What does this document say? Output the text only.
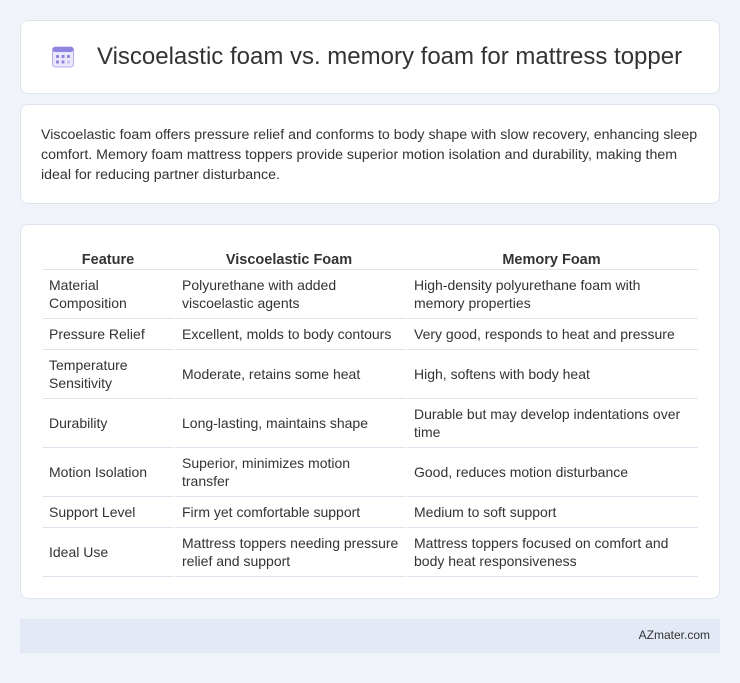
Viscoelastic foam vs. memory foam for mattress topper

Viscoelastic foam offers pressure relief and conforms to body shape with slow recovery, enhancing sleep comfort. Memory foam mattress toppers provide superior motion isolation and durability, making them ideal for reducing partner disturbance.

Feature	Viscoelastic Foam	Memory Foam
Material Composition	Polyurethane with added viscoelastic agents	High-density polyurethane foam with memory properties
Pressure Relief	Excellent, molds to body contours	Very good, responds to heat and pressure
Temperature Sensitivity	Moderate, retains some heat	High, softens with body heat
Durability	Long-lasting, maintains shape	Durable but may develop indentations over time
Motion Isolation	Superior, minimizes motion transfer	Good, reduces motion disturbance
Support Level	Firm yet comfortable support	Medium to soft support
Ideal Use	Mattress toppers needing pressure relief and support	Mattress toppers focused on comfort and body heat responsiveness
AZmater.com
